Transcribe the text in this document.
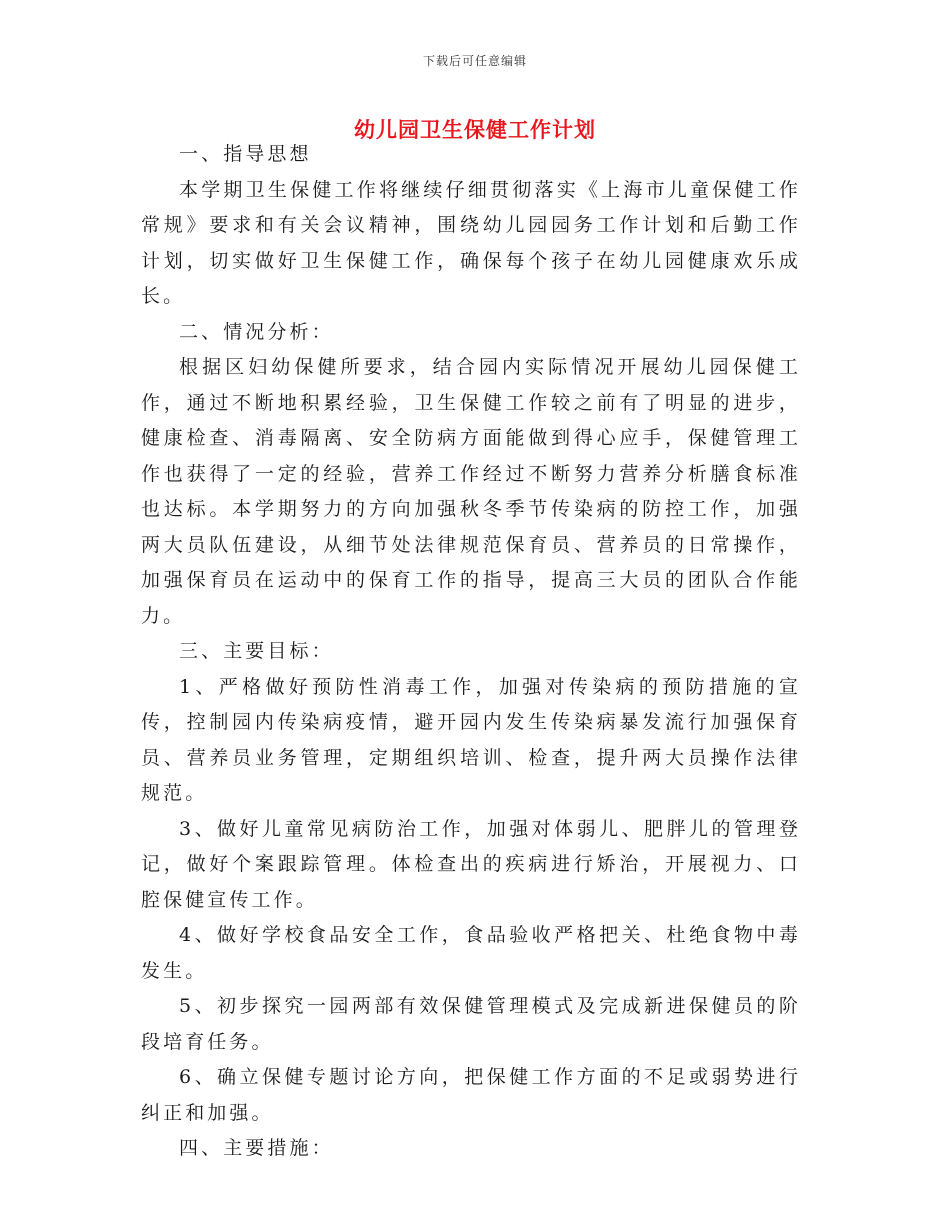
下载后可任意编辑
幼儿园卫生保健工作计划

一、指导思想

本学期卫生保健工作将继续仔细贯彻落实《上海市儿童保健工作常规》要求和有关会议精神，围绕幼儿园园务工作计划和后勤工作计划，切实做好卫生保健工作，确保每个孩子在幼儿园健康欢乐成长。

二、情况分析：

根据区妇幼保健所要求，结合园内实际情况开展幼儿园保健工作，通过不断地积累经验，卫生保健工作较之前有了明显的进步，健康检查、消毒隔离、安全防病方面能做到得心应手，保健管理工作也获得了一定的经验，营养工作经过不断努力营养分析膳食标准也达标。本学期努力的方向加强秋冬季节传染病的防控工作，加强两大员队伍建设，从细节处法律规范保育员、营养员的日常操作，加强保育员在运动中的保育工作的指导，提高三大员的团队合作能力。

三、主要目标：

1、严格做好预防性消毒工作，加强对传染病的预防措施的宣传，控制园内传染病疫情，避开园内发生传染病暴发流行加强保育员、营养员业务管理，定期组织培训、检查，提升两大员操作法律规范。

3、做好儿童常见病防治工作，加强对体弱儿、肥胖儿的管理登记，做好个案跟踪管理。体检查出的疾病进行矫治，开展视力、口腔保健宣传工作。

4、做好学校食品安全工作，食品验收严格把关、杜绝食物中毒发生。

5、初步探究一园两部有效保健管理模式及完成新进保健员的阶段培育任务。

6、确立保健专题讨论方向，把保健工作方面的不足或弱势进行纠正和加强。

四、主要措施：
